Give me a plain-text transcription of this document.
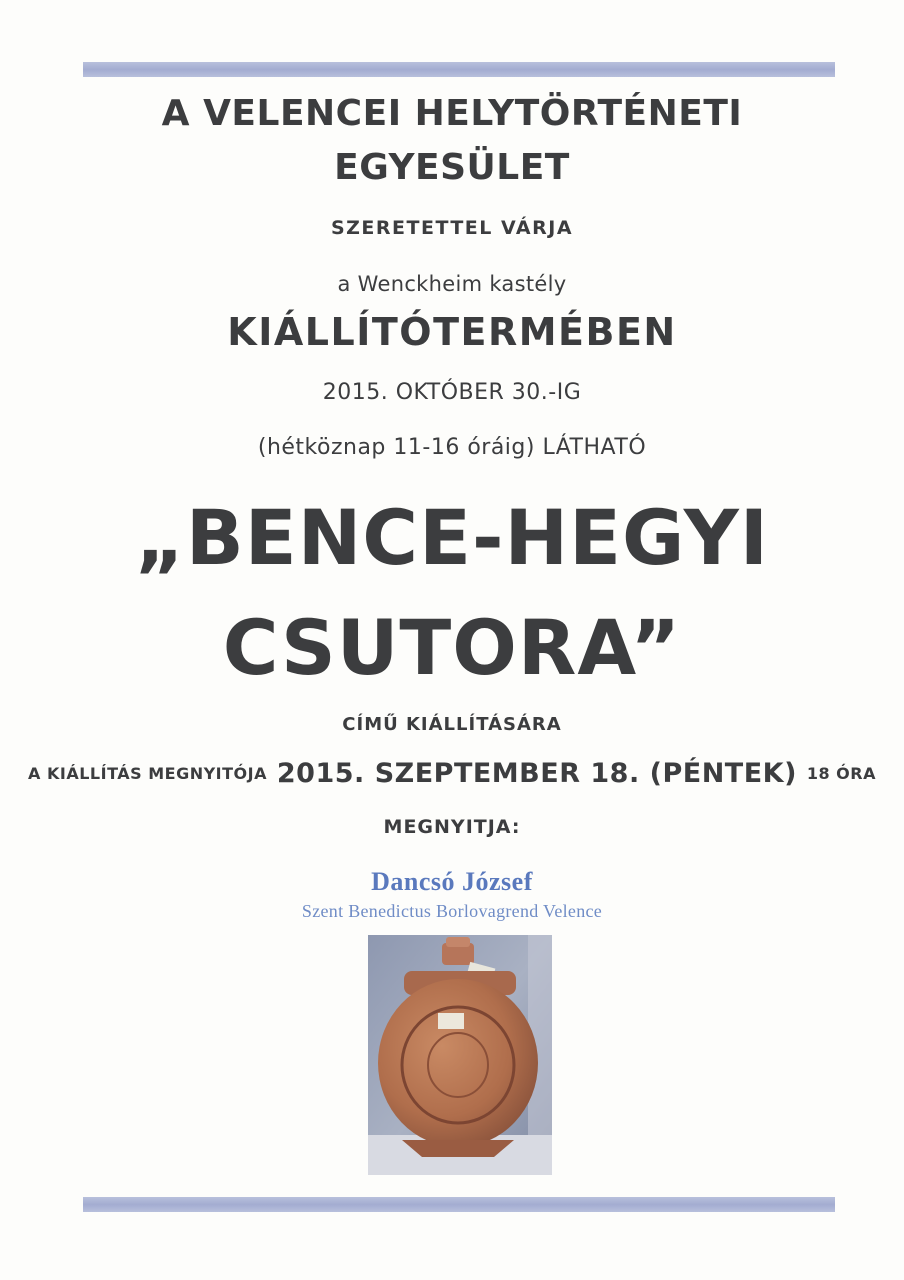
A VELENCEI HELYTÖRTÉNETI
EGYESÜLET
SZERETETTEL VÁRJA
a Wenckheim kastély
KIÁLLÍTÓTERMÉBEN
2015. OKTÓBER 30.-IG
(hétköznap 11-16 óráig) LÁTHATÓ
„BENCE-HEGYI
CSUTORA”
CÍMŰ KIÁLLÍTÁSÁRA
A KIÁLLÍTÁS MEGNYITÓJA 2015. SZEPTEMBER 18. (PÉNTEK) 18 ÓRA
MEGNYITJA:
Dancsó József
Szent Benedictus Borlovagrend Velence
